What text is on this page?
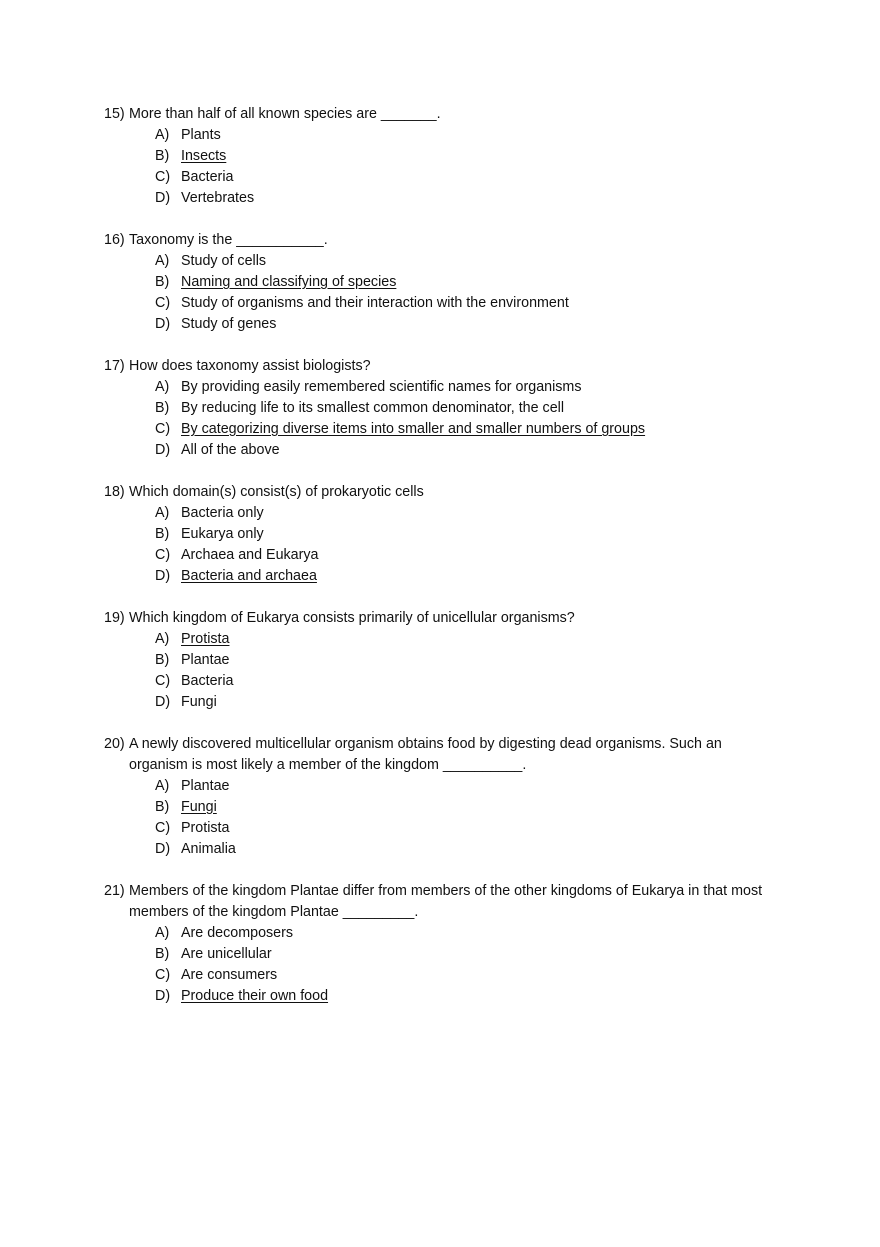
15) More than half of all known species are _______.
A) Plants
B) Insects
C) Bacteria
D) Vertebrates
16) Taxonomy is the ___________.
A) Study of cells
B) Naming and classifying of species
C) Study of organisms and their interaction with the environment
D) Study of genes
17) How does taxonomy assist biologists?
A) By providing easily remembered scientific names for organisms
B) By reducing life to its smallest common denominator, the cell
C) By categorizing diverse items into smaller and smaller numbers of groups
D) All of the above
18) Which domain(s) consist(s) of prokaryotic cells
A) Bacteria only
B) Eukarya only
C) Archaea and Eukarya
D) Bacteria and archaea
19) Which kingdom of Eukarya consists primarily of unicellular organisms?
A) Protista
B) Plantae
C) Bacteria
D) Fungi
20) A newly discovered multicellular organism obtains food by digesting dead organisms. Such an organism is most likely a member of the kingdom __________.
A) Plantae
B) Fungi
C) Protista
D) Animalia
21) Members of the kingdom Plantae differ from members of the other kingdoms of Eukarya in that most members of the kingdom Plantae _________.
A) Are decomposers
B) Are unicellular
C) Are consumers
D) Produce their own food
